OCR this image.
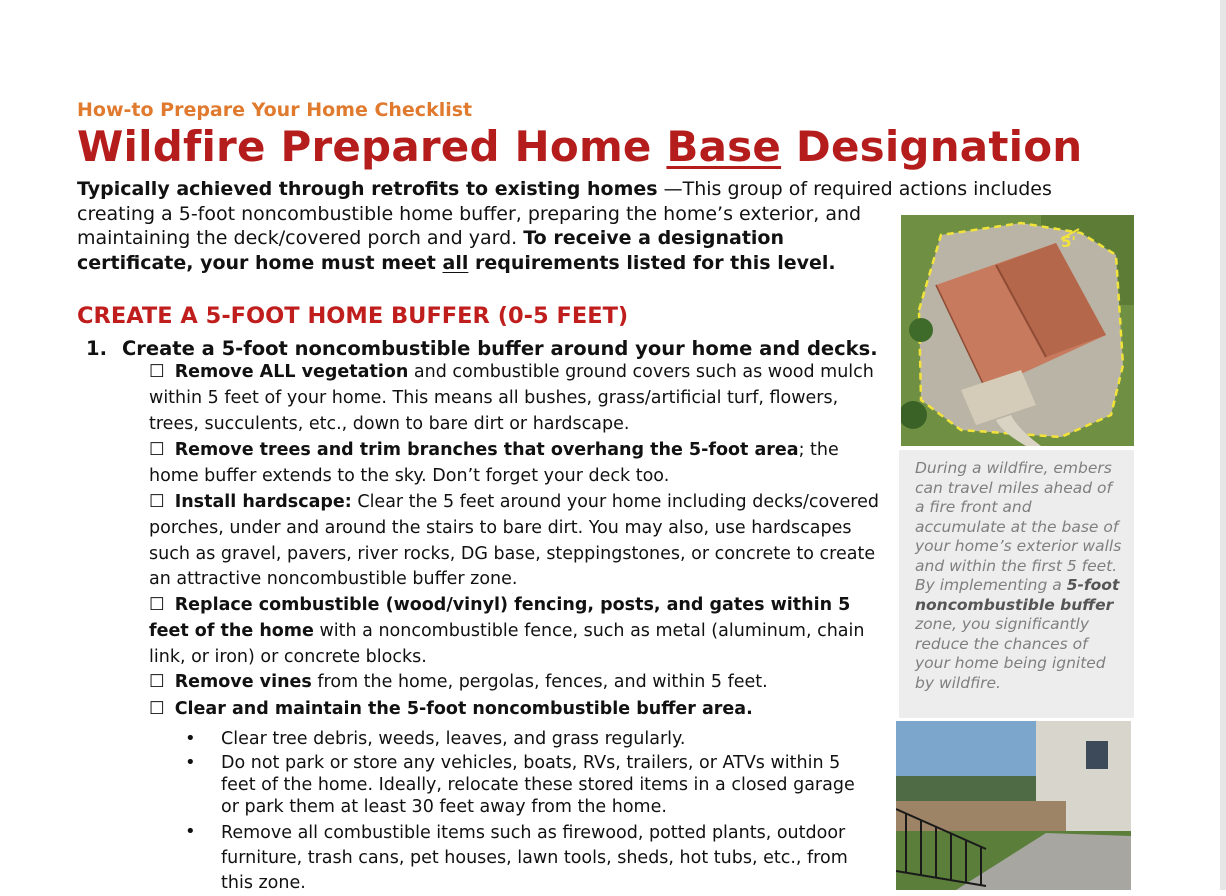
How-to Prepare Your Home Checklist
Wildfire Prepared Home Base Designation
Typically achieved through retrofits to existing homes —This group of required actions includes
creating a 5-foot noncombustible home buffer, preparing the home’s exterior, and maintaining the deck/covered porch and yard. To receive a designation certificate, your home must meet all requirements listed for this level.
CREATE A 5-FOOT HOME BUFFER (0-5 FEET)
1. Create a 5-foot noncombustible buffer around your home and decks.
☐ Remove ALL vegetation and combustible ground covers such as wood mulch within 5 feet of your home. This means all bushes, grass/artificial turf, flowers, trees, succulents, etc., down to bare dirt or hardscape.
☐ Remove trees and trim branches that overhang the 5-foot area; the home buffer extends to the sky. Don’t forget your deck too.
☐ Install hardscape: Clear the 5 feet around your home including decks/covered porches, under and around the stairs to bare dirt. You may also, use hardscapes such as gravel, pavers, river rocks, DG base, steppingstones, or concrete to create an attractive noncombustible buffer zone.
☐ Replace combustible (wood/vinyl) fencing, posts, and gates within 5 feet of the home with a noncombustible fence, such as metal (aluminum, chain link, or iron) or concrete blocks.
☐ Remove vines from the home, pergolas, fences, and within 5 feet.
☐ Clear and maintain the 5-foot noncombustible buffer area.
• Clear tree debris, weeds, leaves, and grass regularly.
• Do not park or store any vehicles, boats, RVs, trailers, or ATVs within 5 feet of the home. Ideally, relocate these stored items in a closed garage or park them at least 30 feet away from the home.
• Remove all combustible items such as firewood, potted plants, outdoor furniture, trash cans, pet houses, lawn tools, sheds, hot tubs, etc., from this zone.
5'
During a wildfire, embers can travel miles ahead of a fire front and accumulate at the base of your home’s exterior walls and within the first 5 feet. By implementing a 5-foot noncombustible buffer zone, you significantly reduce the chances of your home being ignited by wildfire.
